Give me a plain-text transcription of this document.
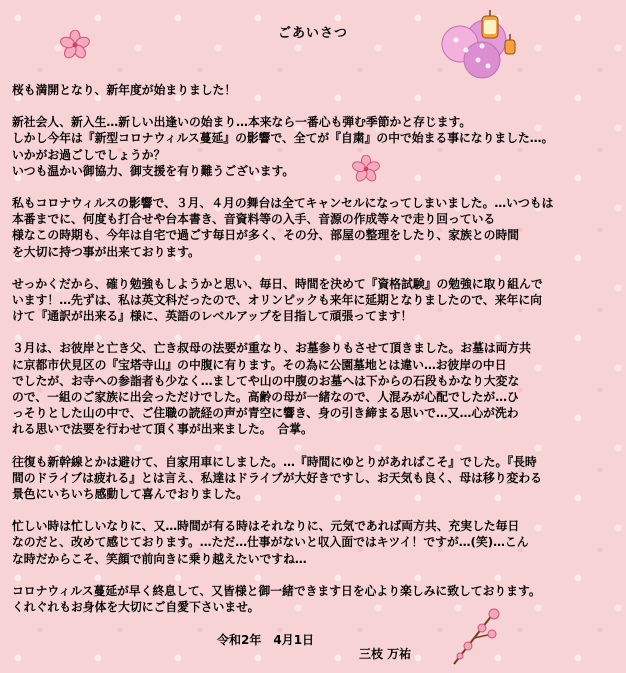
ごあいさつ

桜も満開となり、新年度が始まりました！

新社会人、新入生…新しい出逢いの始まり…本来なら一番心も弾む季節かと存じます。
しかし今年は『新型コロナウィルス蔓延』の影響で、全てが『自粛』の中で始まる事になりました…。
いかがお過ごしでしょうか？
いつも温かい御協力、御支援を有り難うございます。

私もコロナウィルスの影響で、３月、４月の舞台は全てキャンセルになってしまいました。…いつもは
本番までに、何度も打合せや台本書き、音資料等の入手、音源の作成等々で走り回っている
様なこの時期も、今年は自宅で過ごす毎日が多く、その分、部屋の整理をしたり、家族との時間
を大切に持つ事が出来ております。

せっかくだから、確り勉強もしようかと思い、毎日、時間を決めて『資格試験』の勉強に取り組んで
います！…先ずは、私は英文科だったので、オリンピックも来年に延期となりましたので、来年に向
けて『通訳が出来る』様に、英語のレベルアップを目指して頑張ってます！

３月は、お彼岸と亡き父、亡き叔母の法要が重なり、お墓参りもさせて頂きました。お墓は両方共
に京都市伏見区の『宝塔寺山』の中腹に有ります。その為に公園墓地とは違い…お彼岸の中日
でしたが、お寺への参詣者も少なく…ましてや山の中腹のお墓へは下からの石段もかなり大変な
ので、一組のご家族に出会っただけでした。高齢の母が一緒なので、人混みが心配でしたが…ひ
っそりとした山の中で、ご住職の読経の声が青空に響き、身の引き締まる思いで…又…心が洗わ
れる思いで法要を行わせて頂く事が出来ました。　合掌。

往復も新幹線とかは避けて、自家用車にしました。…『時間にゆとりがあればこそ』でした。『長時
間のドライブは疲れる』とは言え、私達はドライブが大好きですし、お天気も良く、母は移り変わる
景色にいちいち感動して喜んでおりました。

忙しい時は忙しいなりに、又…時間が有る時はそれなりに、元気であれば両方共、充実した毎日
なのだと、改めて感じております。…ただ…仕事がないと収入面ではキツイ！ですが…(笑)…こん
な時だからこそ、笑顔で前向きに乗り越えたいですね…

コロナウィルス蔓延が早く終息して、又皆様と御一緒できます日を心より楽しみに致しております。
くれぐれもお身体を大切にご自愛下さいませ。

令和2年　4月1日
三枝 万祐
